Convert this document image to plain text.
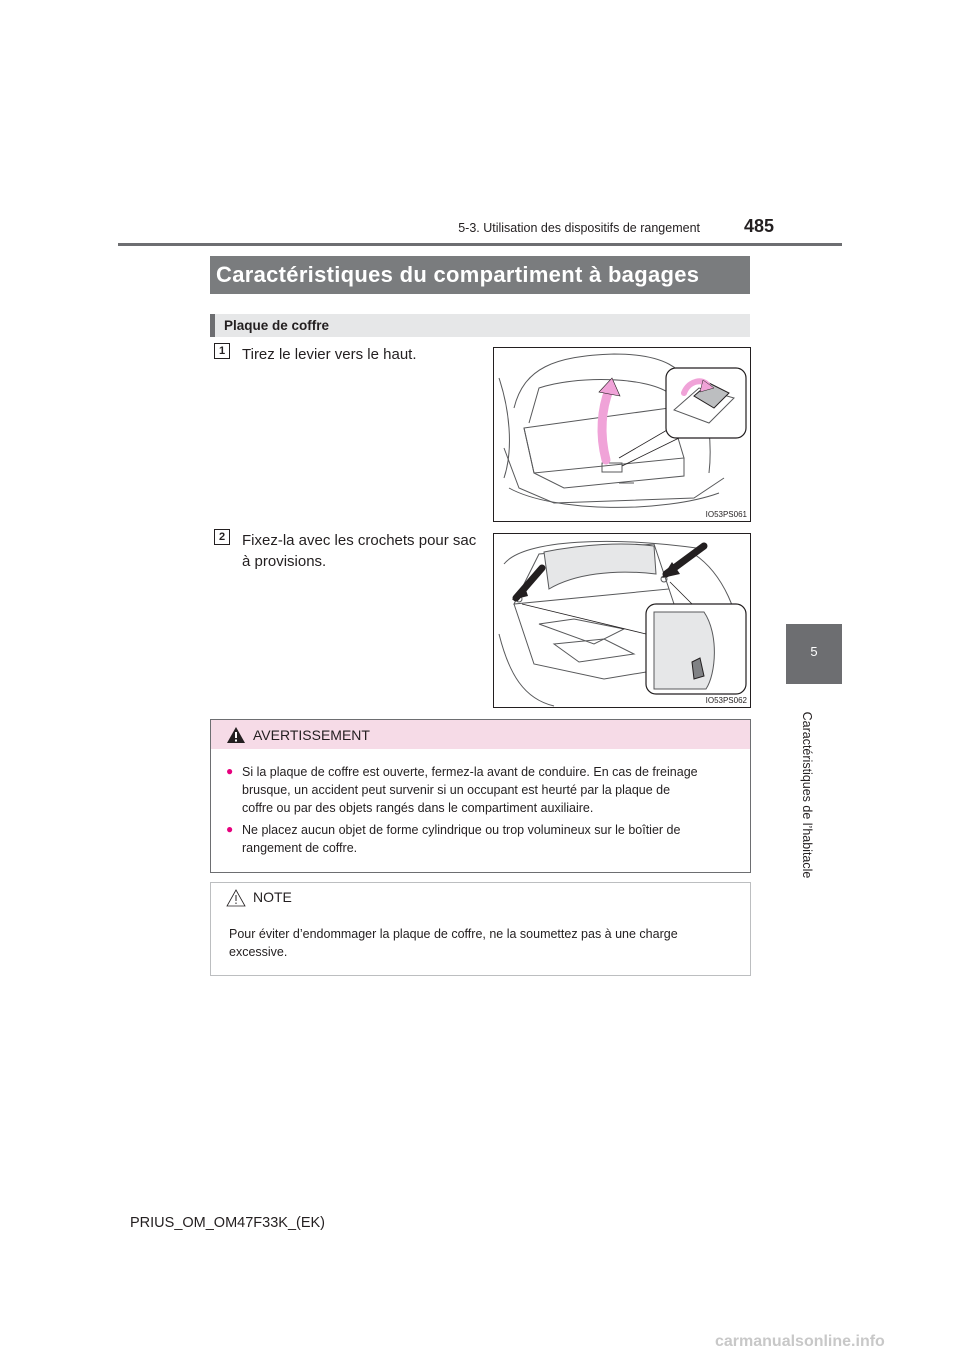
485
5-3. Utilisation des dispositifs de rangement
Caractéristiques du compartiment à bagages
Plaque de coffre
1	Tirez le levier vers le haut.
IO53PS061
2	Fixez-la avec les crochets pour sac
à provisions.
IO53PS062
AVERTISSEMENT
● Si la plaque de coffre est ouverte, fermez-la avant de conduire. En cas de freinage
brusque, un accident peut survenir si un occupant est heurté par la plaque de
coffre ou par des objets rangés dans le compartiment auxiliaire.
● Ne placez aucun objet de forme cylindrique ou trop volumineux sur le boîtier de
rangement de coffre.
NOTE
Pour éviter d’endommager la plaque de coffre, ne la soumettez pas à une charge
excessive.
5
Caractéristiques de l’habitacle
PRIUS_OM_OM47F33K_(EK)
carmanualsonline.info
